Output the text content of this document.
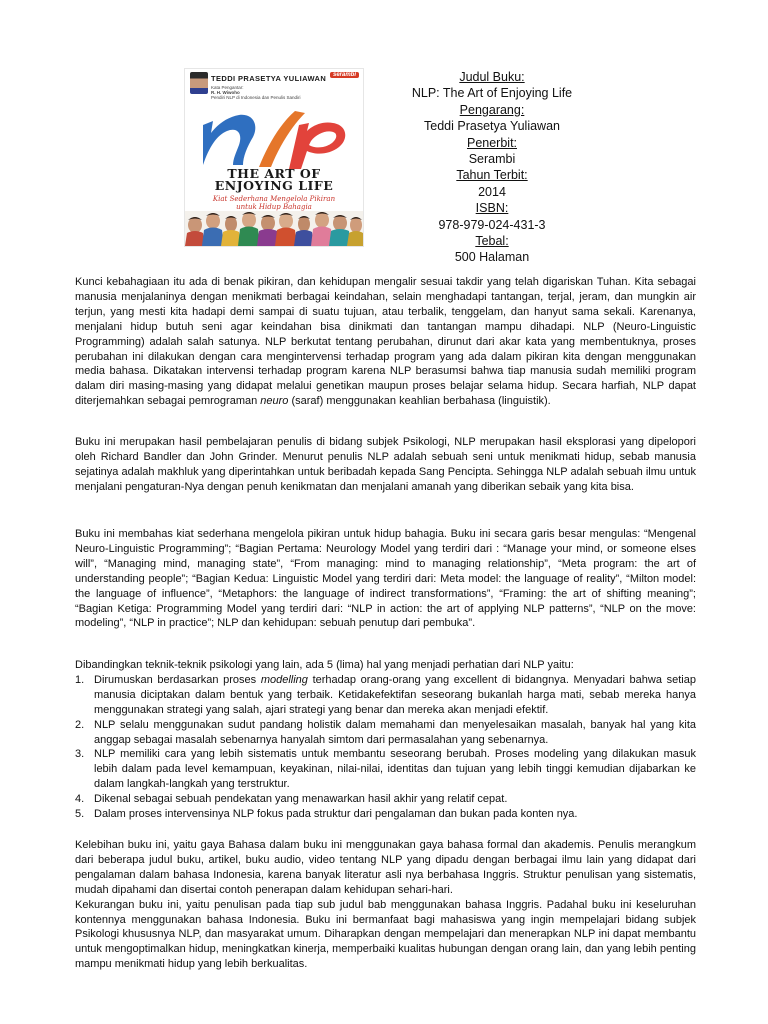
TEDDI PRASETYA YULIAWAN
Kata Pengantar:
R. H. Wiwoho
Pendiri NLP di Indonesia dan Penulis Sandiri
serambi
THE ART OF
ENJOYING LIFE
Kiat Sederhana Mengelola Pikiran
untuk Hidup Bahagia
Judul Buku:
NLP: The Art of Enjoying Life
Pengarang:
Teddi Prasetya Yuliawan
Penerbit:
Serambi
Tahun Terbit:
2014
ISBN:
978-979-024-431-3
Tebal:
500 Halaman

Kunci kebahagiaan itu ada di benak pikiran, dan kehidupan mengalir sesuai takdir yang telah digariskan Tuhan. Kita sebagai manusia menjalaninya dengan menikmati berbagai keindahan, selain menghadapi tantangan, terjal, jeram, dan mungkin air terjun, yang mesti kita hadapi demi sampai di suatu tujuan, atau terbalik, tenggelam, dan hanyut sama sekali. Karenanya, menjalani hidup butuh seni agar keindahan bisa dinikmati dan tantangan mampu dihadapi. NLP (Neuro-Linguistic Programming) adalah salah satunya. NLP berkutat tentang perubahan, dirunut dari akar kata yang membentuknya, proses perubahan ini dilakukan dengan cara mengintervensi terhadap program yang ada dalam pikiran kita dengan menggunakan media bahasa. Dikatakan intervensi terhadap program karena NLP berasumsi bahwa tiap manusia sudah memiliki program dalam diri masing-masing yang didapat melalui genetikan maupun proses belajar selama hidup. Secara harfiah, NLP dapat diterjemahkan sebagai pemrograman neuro (saraf) menggunakan keahlian berbahasa (linguistik).

Buku ini merupakan hasil pembelajaran penulis di bidang subjek Psikologi, NLP merupakan hasil eksplorasi yang dipelopori oleh Richard Bandler dan John Grinder. Menurut penulis NLP adalah sebuah seni untuk menikmati hidup, sebab manusia sejatinya adalah makhluk yang diperintahkan untuk beribadah kepada Sang Pencipta. Sehingga NLP adalah sebuah ilmu untuk menjalani pengaturan-Nya dengan penuh kenikmatan dan menjalani amanah yang diberikan sebaik yang kita bisa.

Buku ini membahas kiat sederhana mengelola pikiran untuk hidup bahagia. Buku ini secara garis besar mengulas: “Mengenal Neuro-Linguistic Programming”; “Bagian Pertama: Neurology Model yang terdiri dari : “Manage your mind, or someone elses will”, “Managing mind, managing state”, “From managing: mind to managing relationship”, “Meta program: the art of understanding people”; “Bagian Kedua: Linguistic Model yang terdiri dari: Meta model: the language of reality”, “Milton model: the language of influence”, “Metaphors: the language of indirect transformations”, “Framing: the art of shifting meaning”; “Bagian Ketiga: Programming Model yang terdiri dari: “NLP in action: the art of applying NLP patterns”, “NLP on the move: modeling”, “NLP in practice”; NLP dan kehidupan: sebuah penutup dari pembuka”.

Dibandingkan teknik-teknik psikologi yang lain, ada 5 (lima) hal yang menjadi perhatian dari NLP yaitu:

1. Dirumuskan berdasarkan proses modelling terhadap orang-orang yang excellent di bidangnya. Menyadari bahwa setiap manusia diciptakan dalam bentuk yang terbaik. Ketidakefektifan seseorang bukanlah harga mati, sebab mereka hanya menggunakan strategi yang salah, ajari strategi yang benar dan mereka akan menjadi efektif.
2. NLP selalu menggunakan sudut pandang holistik dalam memahami dan menyelesaikan masalah, banyak hal yang kita anggap sebagai masalah sebenarnya hanyalah simtom dari permasalahan yang sebenarnya.
3. NLP memiliki cara yang lebih sistematis untuk membantu seseorang berubah. Proses modeling yang dilakukan masuk lebih dalam pada level kemampuan, keyakinan, nilai-nilai, identitas dan tujuan yang lebih tinggi kemudian dijabarkan ke dalam langkah-langkah yang terstruktur.
4. Dikenal sebagai sebuah pendekatan yang menawarkan hasil akhir yang relatif cepat.
5. Dalam proses intervensinya NLP fokus pada struktur dari pengalaman dan bukan pada konten nya.

Kelebihan buku ini, yaitu gaya Bahasa dalam buku ini menggunakan gaya bahasa formal dan akademis. Penulis merangkum dari beberapa judul buku, artikel, buku audio, video tentang NLP yang dipadu dengan berbagai ilmu lain yang didapat dari pengalaman dalam bahasa Indonesia, karena banyak literatur asli nya berbahasa Inggris. Struktur penulisan yang sistematis, mudah dipahami dan disertai contoh penerapan dalam kehidupan sehari-hari.

Kekurangan buku ini, yaitu penulisan pada tiap sub judul bab menggunakan bahasa Inggris. Padahal buku ini keseluruhan kontennya menggunakan bahasa Indonesia. Buku ini bermanfaat bagi mahasiswa yang ingin mempelajari bidang subjek Psikologi khususnya NLP, dan masyarakat umum. Diharapkan dengan mempelajari dan menerapkan NLP ini dapat membantu untuk mengoptimalkan hidup, meningkatkan kinerja, memperbaiki kualitas hubungan dengan orang lain, dan yang lebih penting mampu menikmati hidup yang lebih berkualitas.
